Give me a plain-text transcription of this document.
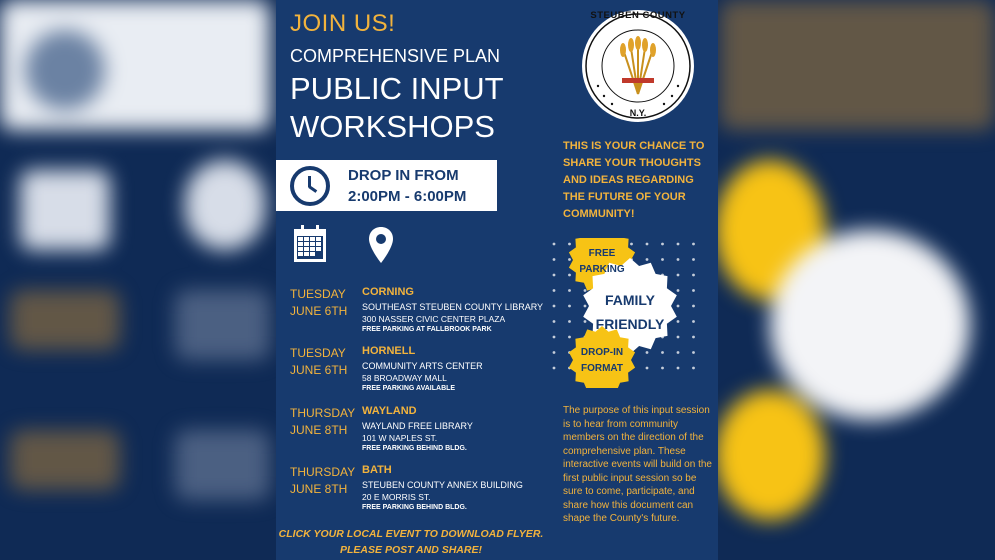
JOIN US!
COMPREHENSIVE PLAN
PUBLIC INPUT
WORKSHOPS
DROP IN FROM
2:00PM - 6:00PM
TUESDAY
JUNE 6TH
CORNING
SOUTHEAST STEUBEN COUNTY LIBRARY
300 NASSER CIVIC CENTER PLAZA
FREE PARKING AT FALLBROOK PARK
TUESDAY
JUNE 6TH
HORNELL
COMMUNITY ARTS CENTER
58 BROADWAY MALL
FREE PARKING AVAILABLE
THURSDAY
JUNE 8TH
WAYLAND
WAYLAND FREE LIBRARY
101 W NAPLES ST.
FREE PARKING BEHIND BLDG.
THURSDAY
JUNE 8TH
BATH
STEUBEN COUNTY ANNEX BUILDING
20 E MORRIS ST.
FREE PARKING BEHIND BLDG.
CLICK YOUR LOCAL EVENT TO DOWNLOAD FLYER.
PLEASE POST AND SHARE!
STEUBEN COUNTY
N.Y.
THIS IS YOUR CHANCE TO SHARE YOUR THOUGHTS AND IDEAS REGARDING THE FUTURE OF YOUR COMMUNITY!
FREE
PARKING
FAMILY
FRIENDLY
DROP-IN
FORMAT
The purpose of this input session is to hear from community members on the direction of the comprehensive plan. These interactive events will build on the first public input session so be sure to come, participate, and share how this document can shape the County's future.
